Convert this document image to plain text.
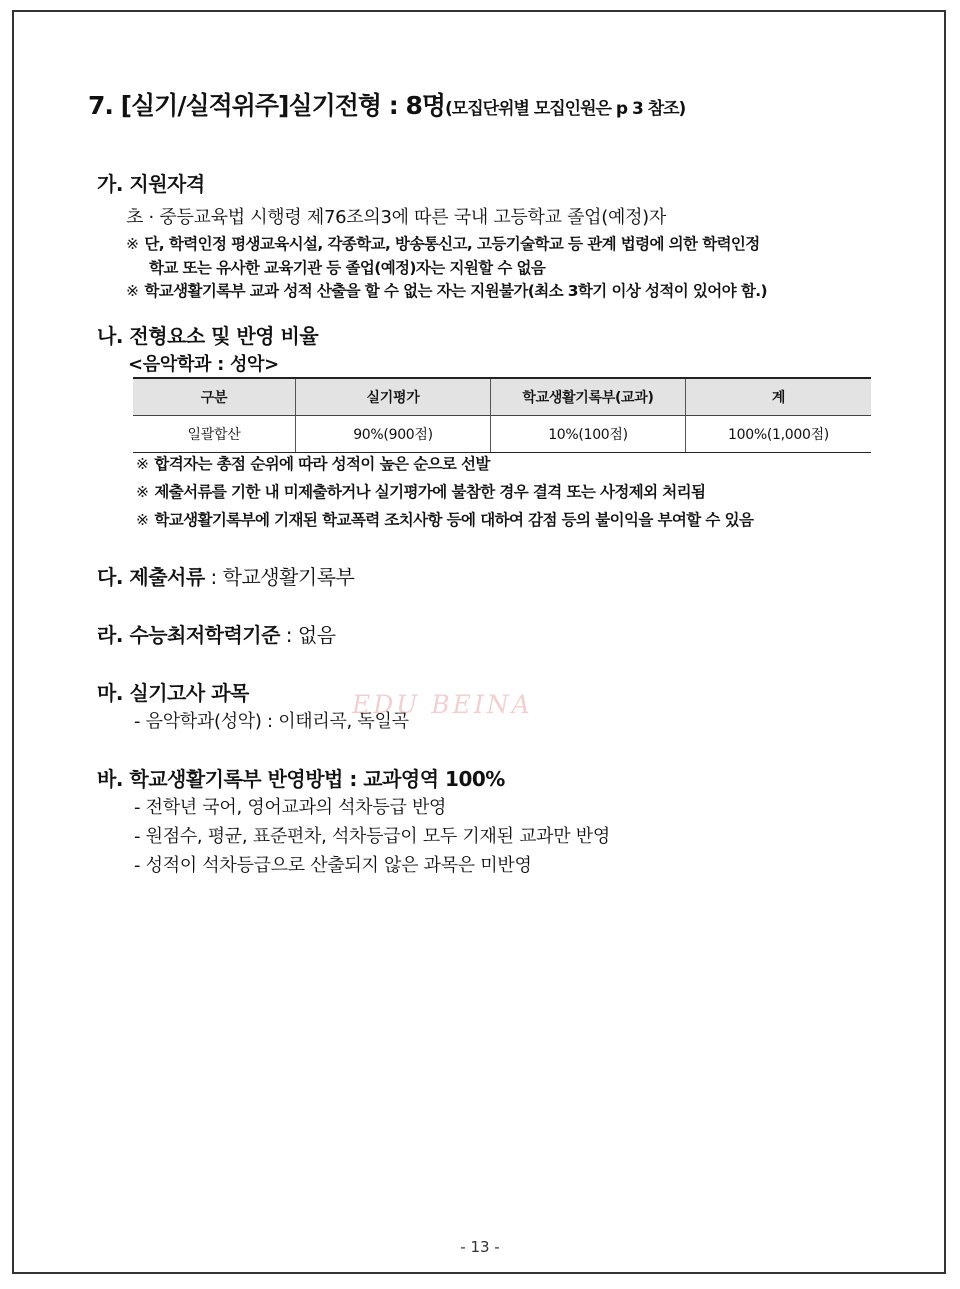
7. [실기/실적위주]실기전형 : 8명(모집단위별 모집인원은 p 3 참조)
가. 지원자격
초 · 중등교육법 시행령 제76조의3에 따른 국내 고등학교 졸업(예정)자
※ 단, 학력인정 평생교육시설, 각종학교, 방송통신고, 고등기술학교 등 관계 법령에 의한 학력인정
학교 또는 유사한 교육기관 등 졸업(예정)자는 지원할 수 없음
※ 학교생활기록부 교과 성적 산출을 할 수 없는 자는 지원불가(최소 3학기 이상 성적이 있어야 함.)
나. 전형요소 및 반영 비율
<음악학과 : 성악>
구분	실기평가	학교생활기록부(교과)	계
일괄합산	90%(900점)	10%(100점)	100%(1,000점)
※ 합격자는 총점 순위에 따라 성적이 높은 순으로 선발
※ 제출서류를 기한 내 미제출하거나 실기평가에 불참한 경우 결격 또는 사정제외 처리됨
※ 학교생활기록부에 기재된 학교폭력 조치사항 등에 대하여 감점 등의 불이익을 부여할 수 있음
다. 제출서류 : 학교생활기록부
라. 수능최저학력기준 : 없음
마. 실기고사 과목
- 음악학과(성악) : 이태리곡, 독일곡
EDU BEINA
바. 학교생활기록부 반영방법 : 교과영역 100%
- 전학년 국어, 영어교과의 석차등급 반영
- 원점수, 평균, 표준편차, 석차등급이 모두 기재된 교과만 반영
- 성적이 석차등급으로 산출되지 않은 과목은 미반영
- 13 -
